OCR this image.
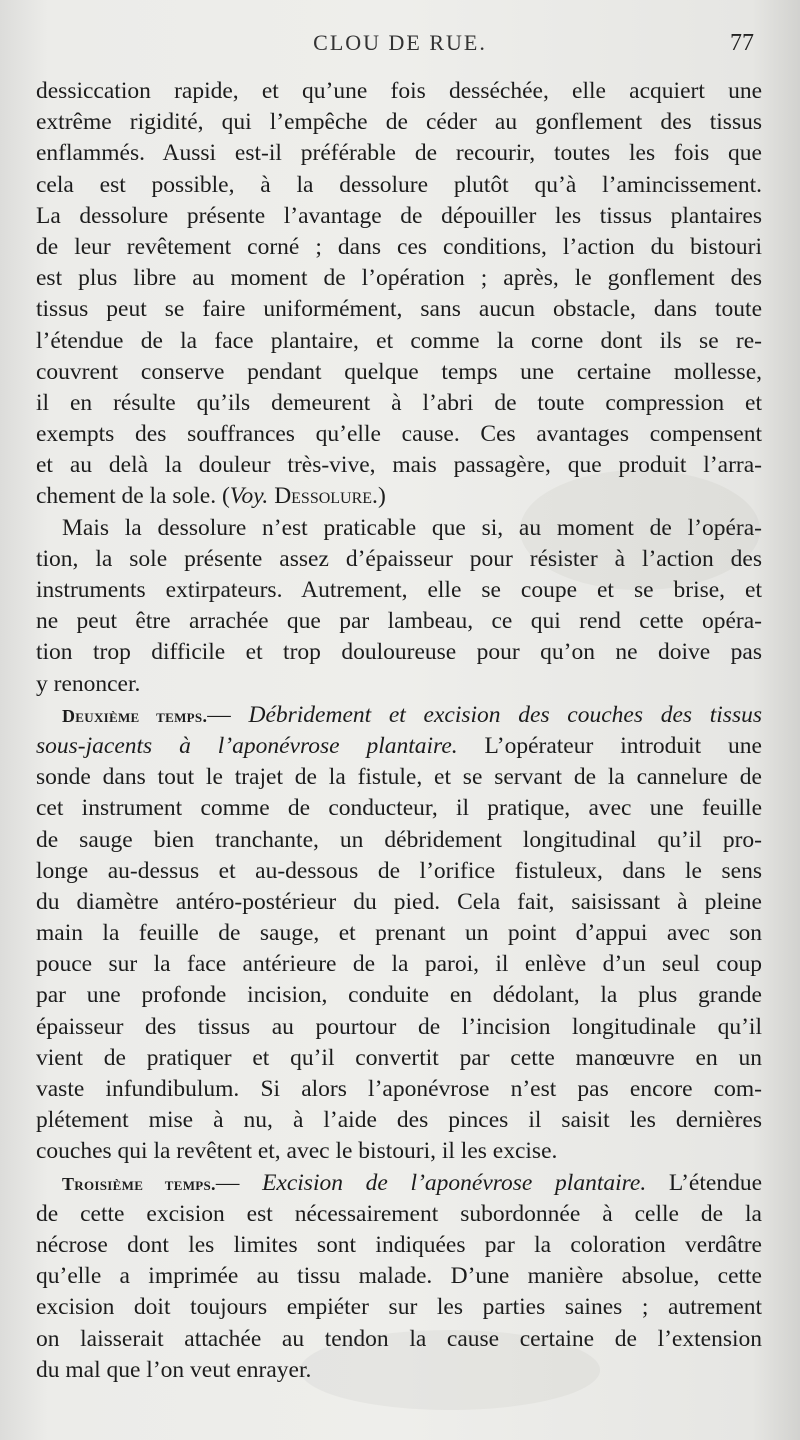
CLOU DE RUE.	77
dessiccation rapide, et qu’une fois desséchée, elle acquiert une
extrême rigidité, qui l’empêche de céder au gonflement des tissus
enflammés. Aussi est-il préférable de recourir, toutes les fois que
cela est possible, à la dessolure plutôt qu’à l’amincissement.
La dessolure présente l’avantage de dépouiller les tissus plantaires
de leur revêtement corné ; dans ces conditions, l’action du bistouri
est plus libre au moment de l’opération ; après, le gonflement des
tissus peut se faire uniformément, sans aucun obstacle, dans toute
l’étendue de la face plantaire, et comme la corne dont ils se re-
couvrent conserve pendant quelque temps une certaine mollesse,
il en résulte qu’ils demeurent à l’abri de toute compression et
exempts des souffrances qu’elle cause. Ces avantages compensent
et au delà la douleur très-vive, mais passagère, que produit l’arra-
chement de la sole. (Voy. Dessolure.)
Mais la dessolure n’est praticable que si, au moment de l’opéra-
tion, la sole présente assez d’épaisseur pour résister à l’action des
instruments extirpateurs. Autrement, elle se coupe et se brise, et
ne peut être arrachée que par lambeau, ce qui rend cette opéra-
tion trop difficile et trop douloureuse pour qu’on ne doive pas
y renoncer.
Deuxième temps.— Débridement et excision des couches des tissus
sous-jacents à l’aponévrose plantaire. L’opérateur introduit une
sonde dans tout le trajet de la fistule, et se servant de la cannelure de
cet instrument comme de conducteur, il pratique, avec une feuille
de sauge bien tranchante, un débridement longitudinal qu’il pro-
longe au-dessus et au-dessous de l’orifice fistuleux, dans le sens
du diamètre antéro-postérieur du pied. Cela fait, saisissant à pleine
main la feuille de sauge, et prenant un point d’appui avec son
pouce sur la face antérieure de la paroi, il enlève d’un seul coup
par une profonde incision, conduite en dédolant, la plus grande
épaisseur des tissus au pourtour de l’incision longitudinale qu’il
vient de pratiquer et qu’il convertit par cette manœuvre en un
vaste infundibulum. Si alors l’aponévrose n’est pas encore com-
plétement mise à nu, à l’aide des pinces il saisit les dernières
couches qui la revêtent et, avec le bistouri, il les excise.
Troisième temps.— Excision de l’aponévrose plantaire. L’étendue
de cette excision est nécessairement subordonnée à celle de la
nécrose dont les limites sont indiquées par la coloration verdâtre
qu’elle a imprimée au tissu malade. D’une manière absolue, cette
excision doit toujours empiéter sur les parties saines ; autrement
on laisserait attachée au tendon la cause certaine de l’extension
du mal que l’on veut enrayer.
